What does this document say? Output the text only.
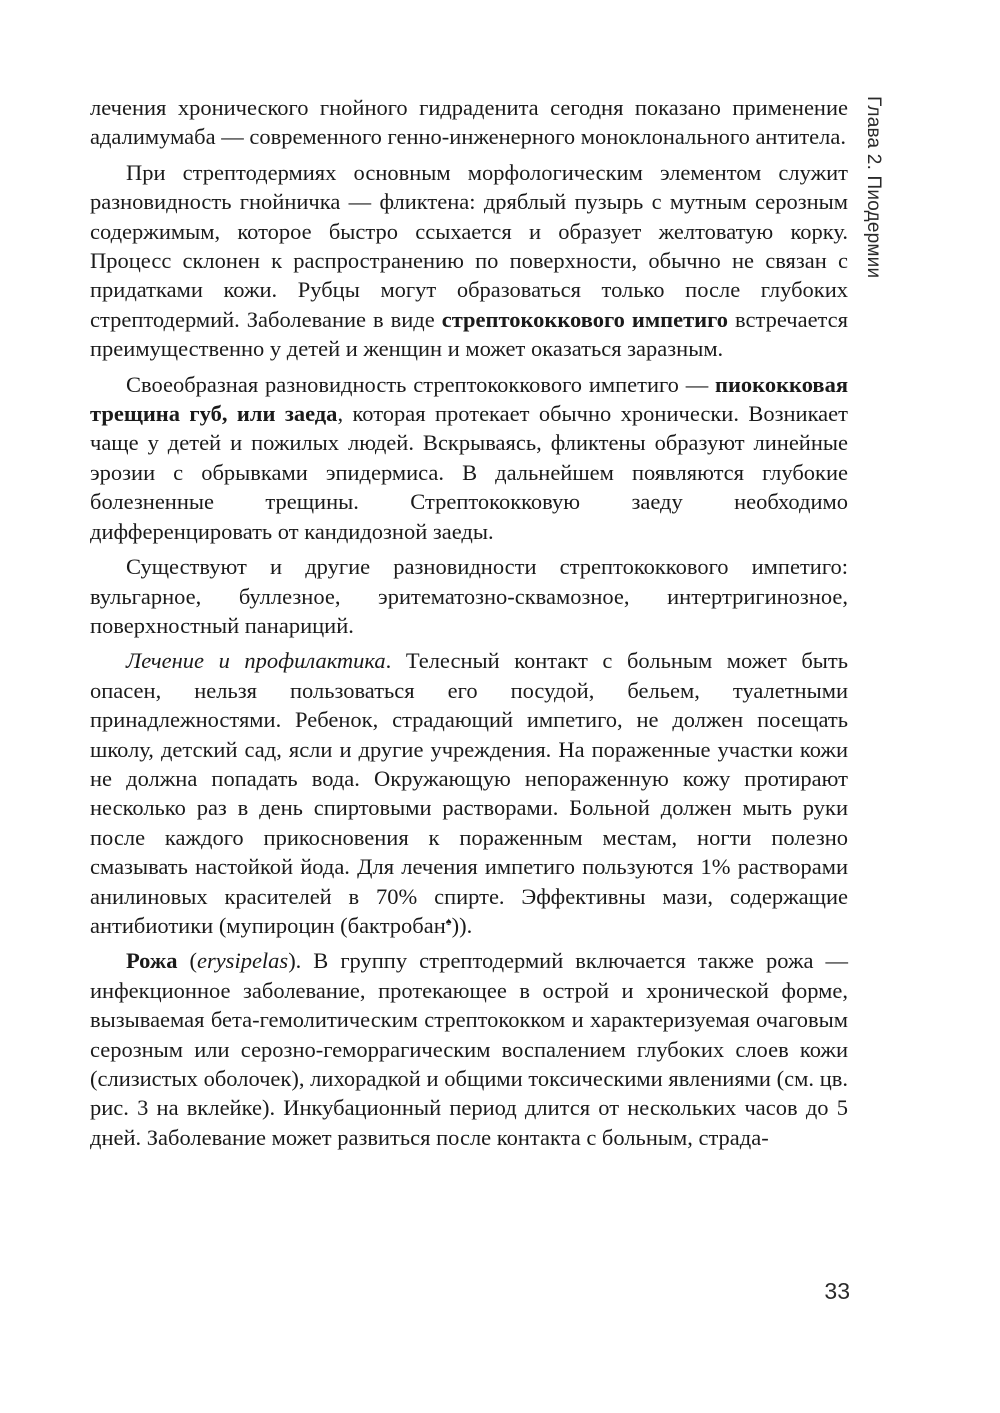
Глава 2. Пиодермии

лечения хронического гнойного гидраденита сегодня показано применение адалимумаба — современного генно-инженерного моноклонального антитела.

При стрептодермиях основным морфологическим элементом служит разновидность гнойничка — фликтена: дряблый пузырь с мутным серозным содержимым, которое быстро ссыхается и образует желтоватую корку. Процесс склонен к распространению по поверхности, обычно не связан с придатками кожи. Рубцы могут образоваться только после глубоких стрептодермий. Заболевание в виде стрептококкового импетиго встречается преимущественно у детей и женщин и может оказаться заразным.

Своеобразная разновидность стрептококкового импетиго — пиококковая трещина губ, или заеда, которая протекает обычно хронически. Возникает чаще у детей и пожилых людей. Вскрываясь, фликтены образуют линейные эрозии с обрывками эпидермиса. В дальнейшем появляются глубокие болезненные трещины. Стрептококковую заеду необходимо дифференцировать от кандидозной заеды.

Существуют и другие разновидности стрептококкового импетиго: вульгарное, буллезное, эритематозно-сквамозное, интертригинозное, поверхностный панариций.

Лечение и профилактика. Телесный контакт с больным может быть опасен, нельзя пользоваться его посудой, бельем, туалетными принадлежностями. Ребенок, страдающий импетиго, не должен посещать школу, детский сад, ясли и другие учреждения. На пораженные участки кожи не должна попадать вода. Окружающую непораженную кожу протирают несколько раз в день спиртовыми растворами. Больной должен мыть руки после каждого прикосновения к пораженным местам, ногти полезно смазывать настойкой йода. Для лечения импетиго пользуются 1% растворами анилиновых красителей в 70% спирте. Эффективны мази, содержащие антибиотики (мупироцин (бактробан♠)).

Рожа (erysipelas). В группу стрептодермий включается также рожа — инфекционное заболевание, протекающее в острой и хронической форме, вызываемая бета-гемолитическим стрептококком и характеризуемая очаговым серозным или серозно-геморрагическим воспалением глубоких слоев кожи (слизистых оболочек), лихорадкой и общими токсическими явлениями (см. цв. рис. 3 на вклейке). Инкубационный период длится от нескольких часов до 5 дней. Заболевание может развиться после контакта с больным, страда-

33
